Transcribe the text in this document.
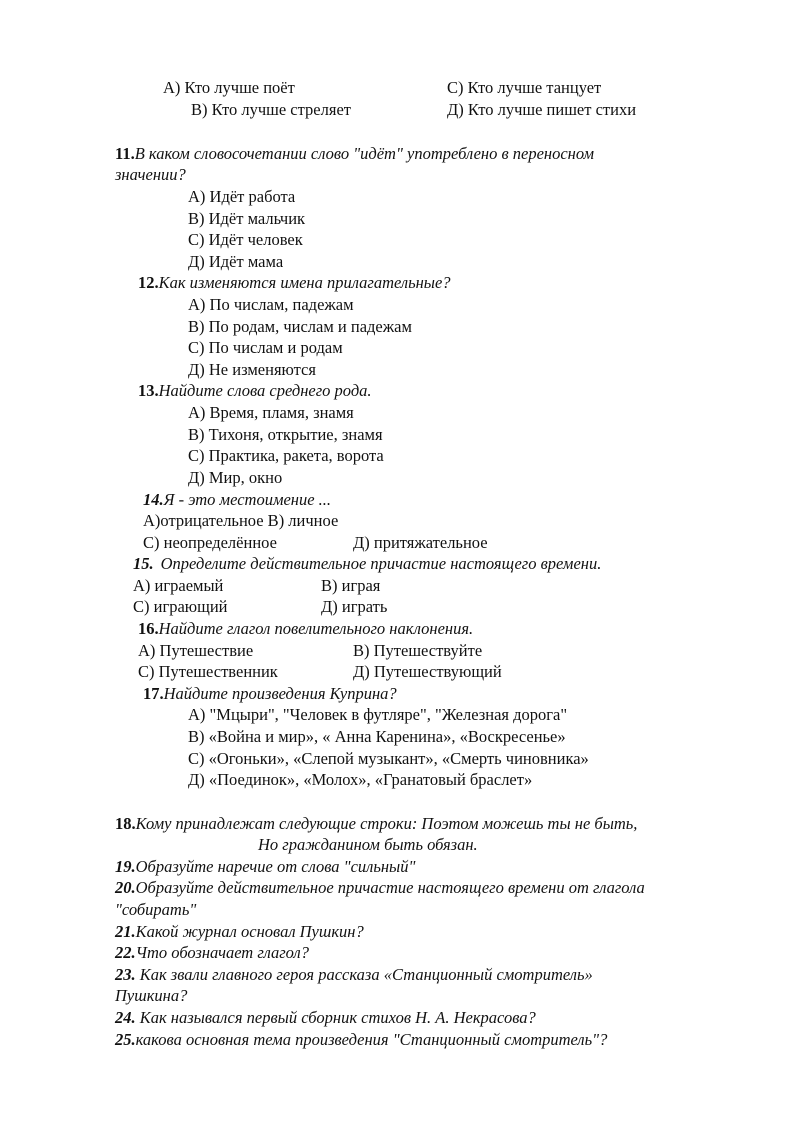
А) Кто лучше поёт	С) Кто лучше танцует
В) Кто лучше стреляет	Д) Кто лучше пишет стихи
11.В каком словосочетании слово "идёт" употреблено в переносном
значении?
А) Идёт работа
В) Идёт мальчик
С) Идёт человек
Д) Идёт мама
12.Как изменяются имена прилагательные?
А) По числам, падежам
В) По родам, числам и падежам
С) По числам и родам
Д) Не изменяются
13.Найдите слова среднего рода.
А) Время, пламя, знамя
В) Тихоня, открытие, знамя
С) Практика, ракета, ворота
Д) Мир, окно
14.Я - это местоимение ...
А)отрицательное В) личное
С) неопределённое	Д) притяжательное
15. Определите действительное причастие настоящего времени.
А) играемый	В) играя
С) играющий	Д) играть
16.Найдите глагол повелительного наклонения.
А) Путешествие	В) Путешествуйте
С) Путешественник	Д) Путешествующий
17.Найдите произведения Куприна?
А) "Мцыри", "Человек в футляре", "Железная дорога"
В) «Война и мир», « Анна Каренина», «Воскресенье»
С) «Огоньки», «Слепой музыкант», «Смерть чиновника»
Д) «Поединок», «Молох», «Гранатовый браслет»
18.Кому принадлежат следующие строки: Поэтом можешь ты не быть,
Но гражданином быть обязан.
19.Образуйте наречие от слова "сильный"
20.Образуйте действительное причастие настоящего времени от глагола
"собирать"
21.Какой журнал основал Пушкин?
22.Что обозначает глагол?
23. Как звали главного героя рассказа «Станционный смотритель»
Пушкина?
24. Как назывался первый сборник стихов Н. А. Некрасова?
25.какова основная тема произведения "Станционный смотритель"?
